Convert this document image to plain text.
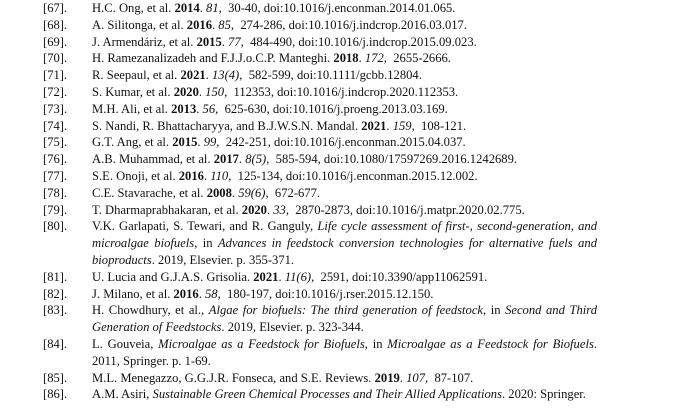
[67]. H.C. Ong, et al. 2014. 81,  30-40, doi:10.1016/j.enconman.2014.01.065.
[68]. A. Silitonga, et al. 2016. 85,  274-286, doi:10.1016/j.indcrop.2016.03.017.
[69]. J. Armendáriz, et al. 2015. 77,  484-490, doi:10.1016/j.indcrop.2015.09.023.
[70]. H. Ramezanalizadeh and F.J.J.o.C.P. Manteghi. 2018. 172,  2655-2666.
[71]. R. Seepaul, et al. 2021. 13(4),  582-599, doi:10.1111/gcbb.12804.
[72]. S. Kumar, et al. 2020. 150,  112353, doi:10.1016/j.indcrop.2020.112353.
[73]. M.H. Ali, et al. 2013. 56,  625-630, doi:10.1016/j.proeng.2013.03.169.
[74]. S. Nandi, R. Bhattacharyya, and B.J.W.S.N. Mandal. 2021. 159,  108-121.
[75]. G.T. Ang, et al. 2015. 99,  242-251, doi:10.1016/j.enconman.2015.04.037.
[76]. A.B. Muhammad, et al. 2017. 8(5),  585-594, doi:10.1080/17597269.2016.1242689.
[77]. S.E. Onoji, et al. 2016. 110,  125-134, doi:10.1016/j.enconman.2015.12.002.
[78]. C.E. Stavarache, et al. 2008. 59(6),  672-677.
[79]. T. Dharmaprabhakaran, et al. 2020. 33,  2870-2873, doi:10.1016/j.matpr.2020.02.775.
[80]. V.K. Garlapati, S. Tewari, and R. Ganguly, Life cycle assessment of first-, second-generation, and microalgae biofuels, in Advances in feedstock conversion technologies for alternative fuels and bioproducts. 2019, Elsevier. p. 355-371.
[81]. U. Lucia and G.J.A.S. Grisolia. 2021. 11(6),  2591, doi:10.3390/app11062591.
[82]. J. Milano, et al. 2016. 58,  180-197, doi:10.1016/j.rser.2015.12.150.
[83]. H. Chowdhury, et al., Algae for biofuels: The third generation of feedstock, in Second and Third Generation of Feedstocks. 2019, Elsevier. p. 323-344.
[84]. L. Gouveia, Microalgae as a Feedstock for Biofuels, in Microalgae as a Feedstock for Biofuels. 2011, Springer. p. 1-69.
[85]. M.L. Menegazzo, G.G.J.R. Fonseca, and S.E. Reviews. 2019. 107,  87-107.
[86]. A.M. Asiri, Sustainable Green Chemical Processes and Their Allied Applications. 2020: Springer.
